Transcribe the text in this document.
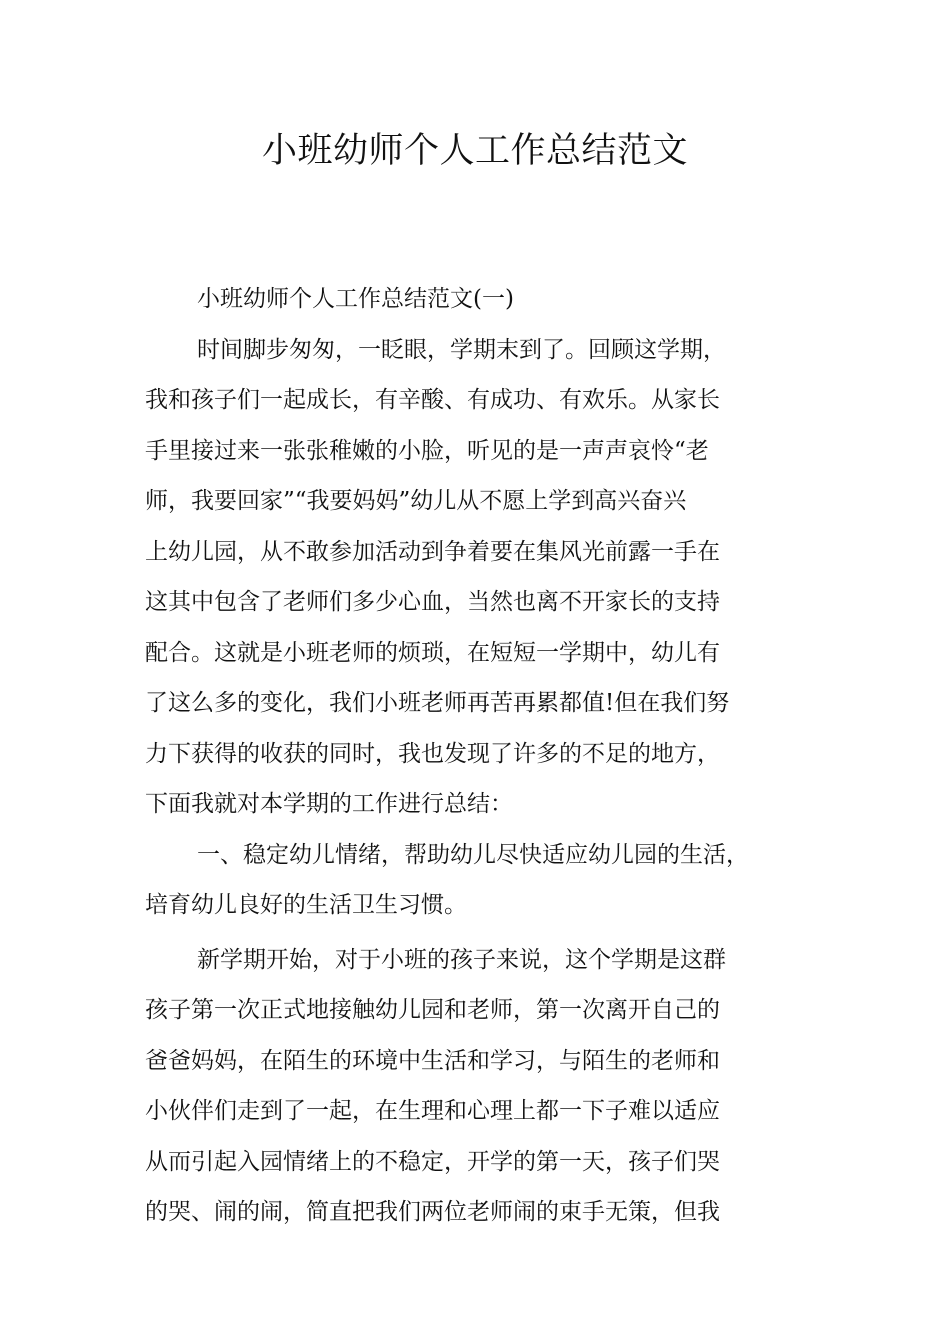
小班幼师个人工作总结范文
小班幼师个人工作总结范文(一)
时间脚步匆匆，一眨眼，学期末到了。回顾这学期，
我和孩子们一起成长，有辛酸、有成功、有欢乐。从家长
手里接过来一张张稚嫩的小脸，听见的是一声声哀怜“老
师，我要回家”“我要妈妈”幼儿从不愿上学到高兴奋兴
上幼儿园，从不敢参加活动到争着要在集风光前露一手在
这其中包含了老师们多少心血，当然也离不开家长的支持
配合。这就是小班老师的烦琐，在短短一学期中，幼儿有
了这么多的变化，我们小班老师再苦再累都值!但在我们努
力下获得的收获的同时，我也发现了许多的不足的地方，
下面我就对本学期的工作进行总结：
一、稳定幼儿情绪，帮助幼儿尽快适应幼儿园的生活，
培育幼儿良好的生活卫生习惯。
新学期开始，对于小班的孩子来说，这个学期是这群
孩子第一次正式地接触幼儿园和老师，第一次离开自己的
爸爸妈妈，在陌生的环境中生活和学习，与陌生的老师和
小伙伴们走到了一起，在生理和心理上都一下子难以适应
从而引起入园情绪上的不稳定，开学的第一天，孩子们哭
的哭、闹的闹，简直把我们两位老师闹的束手无策，但我
